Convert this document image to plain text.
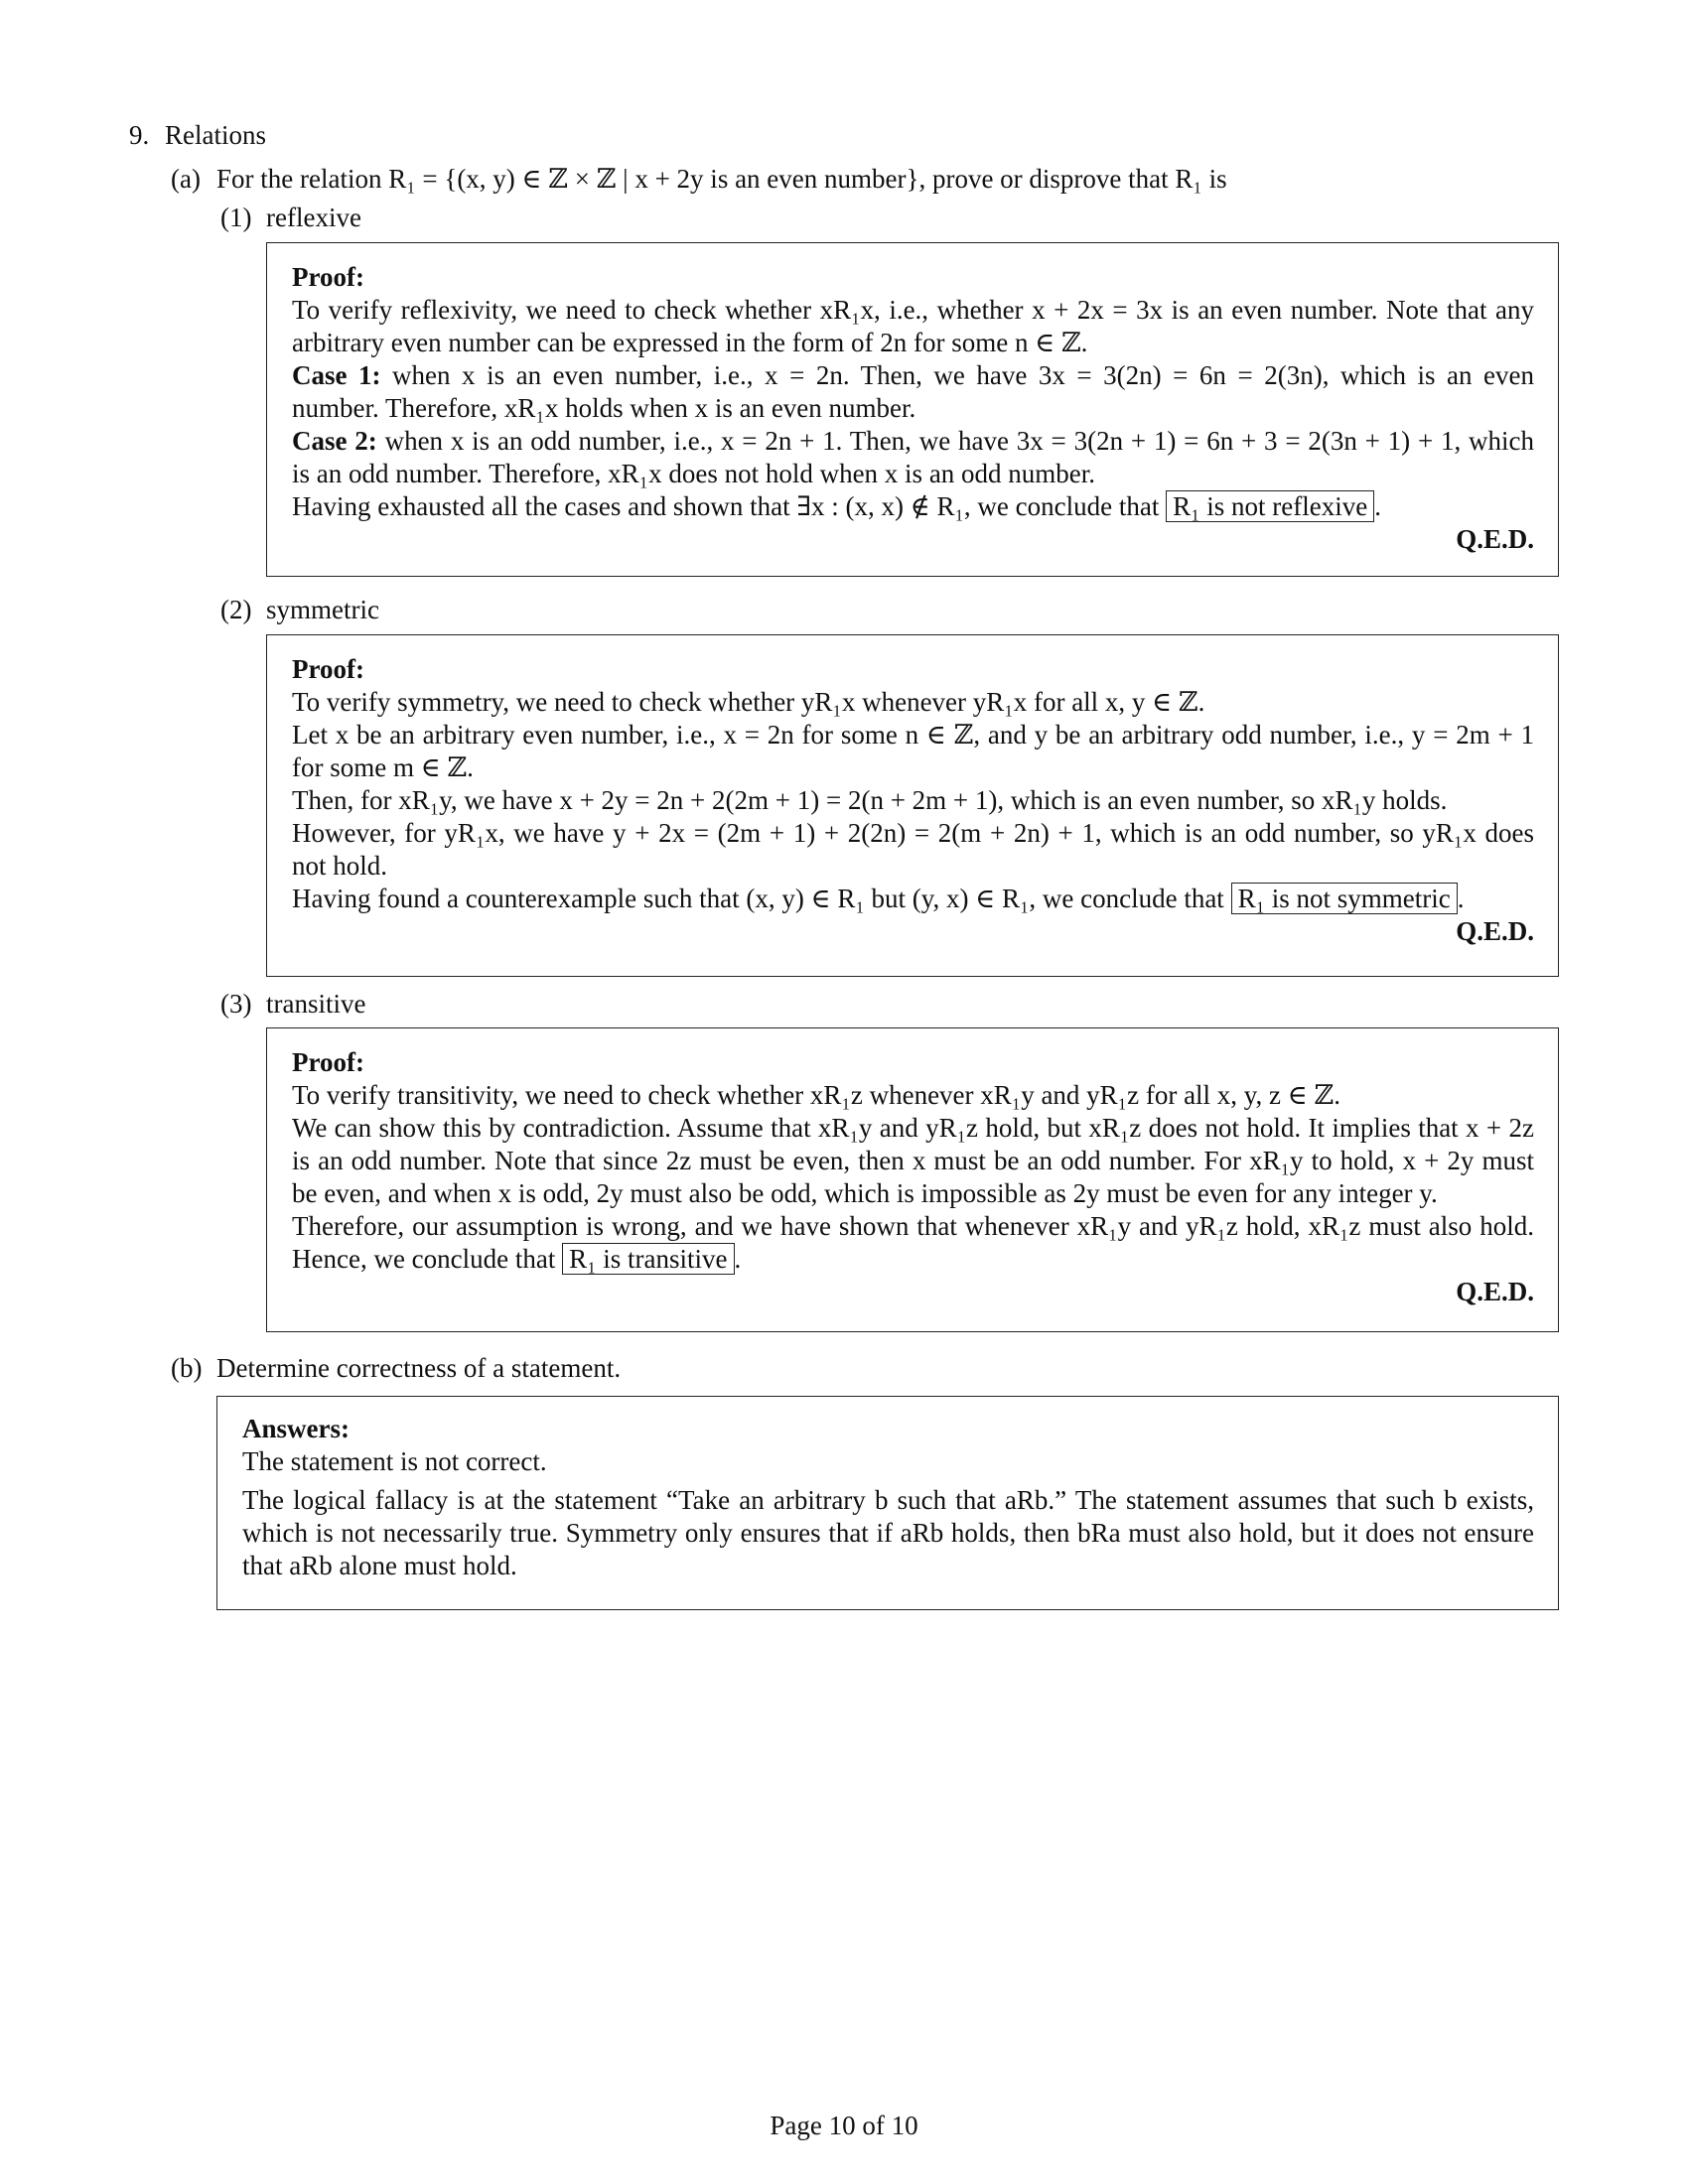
9. Relations
(a) For the relation R₁ = {(x, y) ∈ ℤ × ℤ | x + 2y is an even number}, prove or disprove that R₁ is
(1) reflexive
Proof:
To verify reflexivity, we need to check whether xR₁x, i.e., whether x + 2x = 3x is an even number. Note that any
arbitrary even number can be expressed in the form of 2n for some n ∈ ℤ.
Case 1: when x is an even number, i.e., x = 2n. Then, we have 3x = 3(2n) = 6n = 2(3n), which is an even
number. Therefore, xR₁x holds when x is an even number.
Case 2: when x is an odd number, i.e., x = 2n + 1. Then, we have 3x = 3(2n + 1) = 6n + 3 = 2(3n + 1) + 1, which
is an odd number. Therefore, xR₁x does not hold when x is an odd number.
Having exhausted all the cases and shown that ∃x : (x, x) ∉ R₁, we conclude that R₁ is not reflexive .
Q.E.D.
(2) symmetric
Proof:
To verify symmetry, we need to check whether yR₁x whenever yR₁x for all x, y ∈ ℤ.
Let x be an arbitrary even number, i.e., x = 2n for some n ∈ ℤ, and y be an arbitrary odd number, i.e., y = 2m + 1
for some m ∈ ℤ.
Then, for xR₁y, we have x + 2y = 2n + 2(2m + 1) = 2(n + 2m + 1), which is an even number, so xR₁y holds.
However, for yR₁x, we have y + 2x = (2m + 1) + 2(2n) = 2(m + 2n) + 1, which is an odd number, so yR₁x does
not hold.
Having found a counterexample such that (x, y) ∈ R₁ but (y, x) ∈ R₁, we conclude that R₁ is not symmetric .
Q.E.D.
(3) transitive
Proof:
To verify transitivity, we need to check whether xR₁z whenever xR₁y and yR₁z for all x, y, z ∈ ℤ.
We can show this by contradiction. Assume that xR₁y and yR₁z hold, but xR₁z does not hold. It implies that x + 2z
is an odd number. Note that since 2z must be even, then x must be an odd number. For xR₁y to hold, x + 2y must
be even, and when x is odd, 2y must also be odd, which is impossible as 2y must be even for any integer y.
Therefore, our assumption is wrong, and we have shown that whenever xR₁y and yR₁z hold, xR₁z must also hold.
Hence, we conclude that R₁ is transitive .
Q.E.D.
(b) Determine correctness of a statement.
Answers:
The statement is not correct.
The logical fallacy is at the statement “Take an arbitrary b such that aRb.” The statement assumes that such b exists,
which is not necessarily true. Symmetry only ensures that if aRb holds, then bRa must also hold, but it does not ensure
that aRb alone must hold.
Page 10 of 10
